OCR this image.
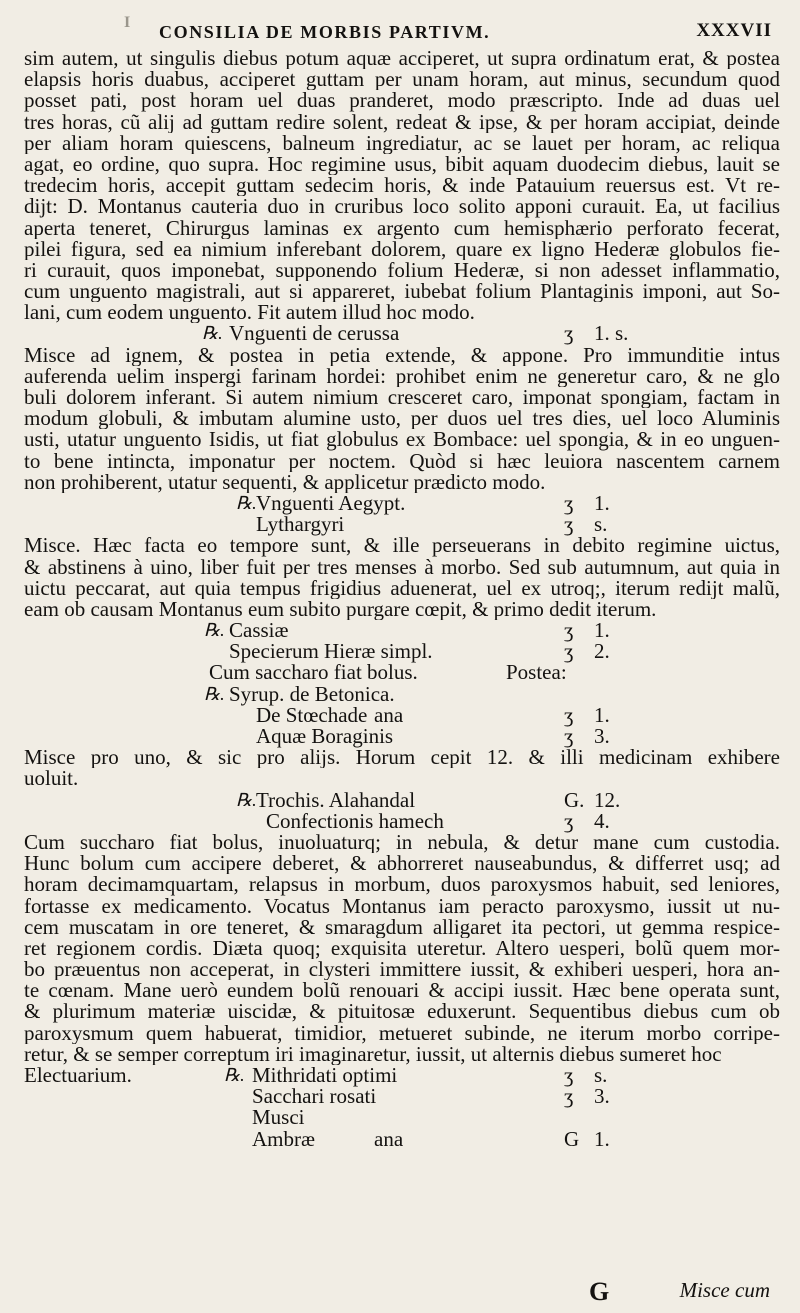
I CONSILIA DE MORBIS PARTIVM.	XXXVII
sim autem, ut singulis diebus potum aquæ acciperet, ut supra ordinatum erat, & postea
elapsis horis duabus, acciperet guttam per unam horam, aut minus, secundum quod
posset pati, post horam uel duas pranderet, modo præscripto. Inde ad duas uel
tres horas, cũ alij ad guttam redire solent, redeat & ipse, & per horam accipiat, deinde
per aliam horam quiescens, balneum ingrediatur, ac se lauet per horam, ac reliqua
agat, eo ordine, quo supra. Hoc regimine usus, bibit aquam duodecim diebus, lauit se
tredecim horis, accepit guttam sedecim horis, & inde Patauium reuersus est. Vt re-
dijt: D. Montanus cauteria duo in cruribus loco solito apponi curauit. Ea, ut facilius
aperta teneret, Chirurgus laminas ex argento cum hemisphærio perforato fecerat,
pilei figura, sed ea nimium inferebant dolorem, quare ex ligno Hederæ globulos fie-
ri curauit, quos imponebat, supponendo folium Hederæ, si non adesset inflammatio,
cum unguento magistrali, aut si appareret, iubebat folium Plantaginis imponi, aut So-
lani, cum eodem unguento. Fit autem illud hoc modo.
℞. Vnguenti de cerussa	ʒ 1. s.
Misce ad ignem, & postea in petia extende, & appone. Pro immunditie intus
auferenda uelim inspergi farinam hordei: prohibet enim ne generetur caro, & ne glo
buli dolorem inferant. Si autem nimium cresceret caro, imponat spongiam, factam in
modum globuli, & imbutam alumine usto, per duos uel tres dies, uel loco Aluminis
usti, utatur unguento Isidis, ut fiat globulus ex Bombace: uel spongia, & in eo unguen-
to bene intincta, imponatur per noctem. Quòd si hæc leuiora nascentem carnem
non prohiberent, utatur sequenti, & applicetur prædicto modo.
℞. Vnguenti Aegypt.	ʒ 1.
Lythargyri	ʒ s.
Misce. Hæc facta eo tempore sunt, & ille perseuerans in debito regimine uictus,
& abstinens à uino, liber fuit per tres menses à morbo. Sed sub autumnum, aut quia in
uictu peccarat, aut quia tempus frigidius aduenerat, uel ex utroq;, iterum redijt malũ,
eam ob causam Montanus eum subito purgare cœpit, & primo dedit iterum.
℞. Cassiæ	ʒ 1.
Specierum Hieræ simpl.	ʒ 2.
Cum saccharo fiat bolus.	Postea:
℞. Syrup. de Betonica.
De Stœchade ana	ʒ 1.
Aquæ Boraginis	ʒ 3.
Misce pro uno, & sic pro alijs. Horum cepit 12. & illi medicinam exhibere
uoluit.
℞. Trochis. Alahandal	G. 12.
Confectionis hamech	ʒ 4.
Cum succharo fiat bolus, inuoluaturq; in nebula, & detur mane cum custodia.
Hunc bolum cum accipere deberet, & abhorreret nauseabundus, & differret usq; ad
horam decimamquartam, relapsus in morbum, duos paroxysmos habuit, sed leniores,
fortasse ex medicamento. Vocatus Montanus iam peracto paroxysmo, iussit ut nu-
cem muscatam in ore teneret, & smaragdum alligaret ita pectori, ut gemma respice-
ret regionem cordis. Diæta quoq; exquisita uteretur. Altero uesperi, bolũ quem mor-
bo præuentus non acceperat, in clysteri immittere iussit, & exhiberi uesperi, hora an-
te cœnam. Mane uerò eundem bolũ renouari & accipi iussit. Hæc bene operata sunt,
& plurimum materiæ uiscidæ, & pituitosæ eduxerunt. Sequentibus diebus cum ob
paroxysmum quem habuerat, timidior, metueret subinde, ne iterum morbo corripe-
retur, & se semper correptum iri imaginaretur, iussit, ut alternis diebus sumeret hoc
Electuarium.	℞. Mithridati optimi	ʒ s.
Sacchari rosati	ʒ 3.
Musci
Ambræ	ana	G 1.
G	Misce cum
